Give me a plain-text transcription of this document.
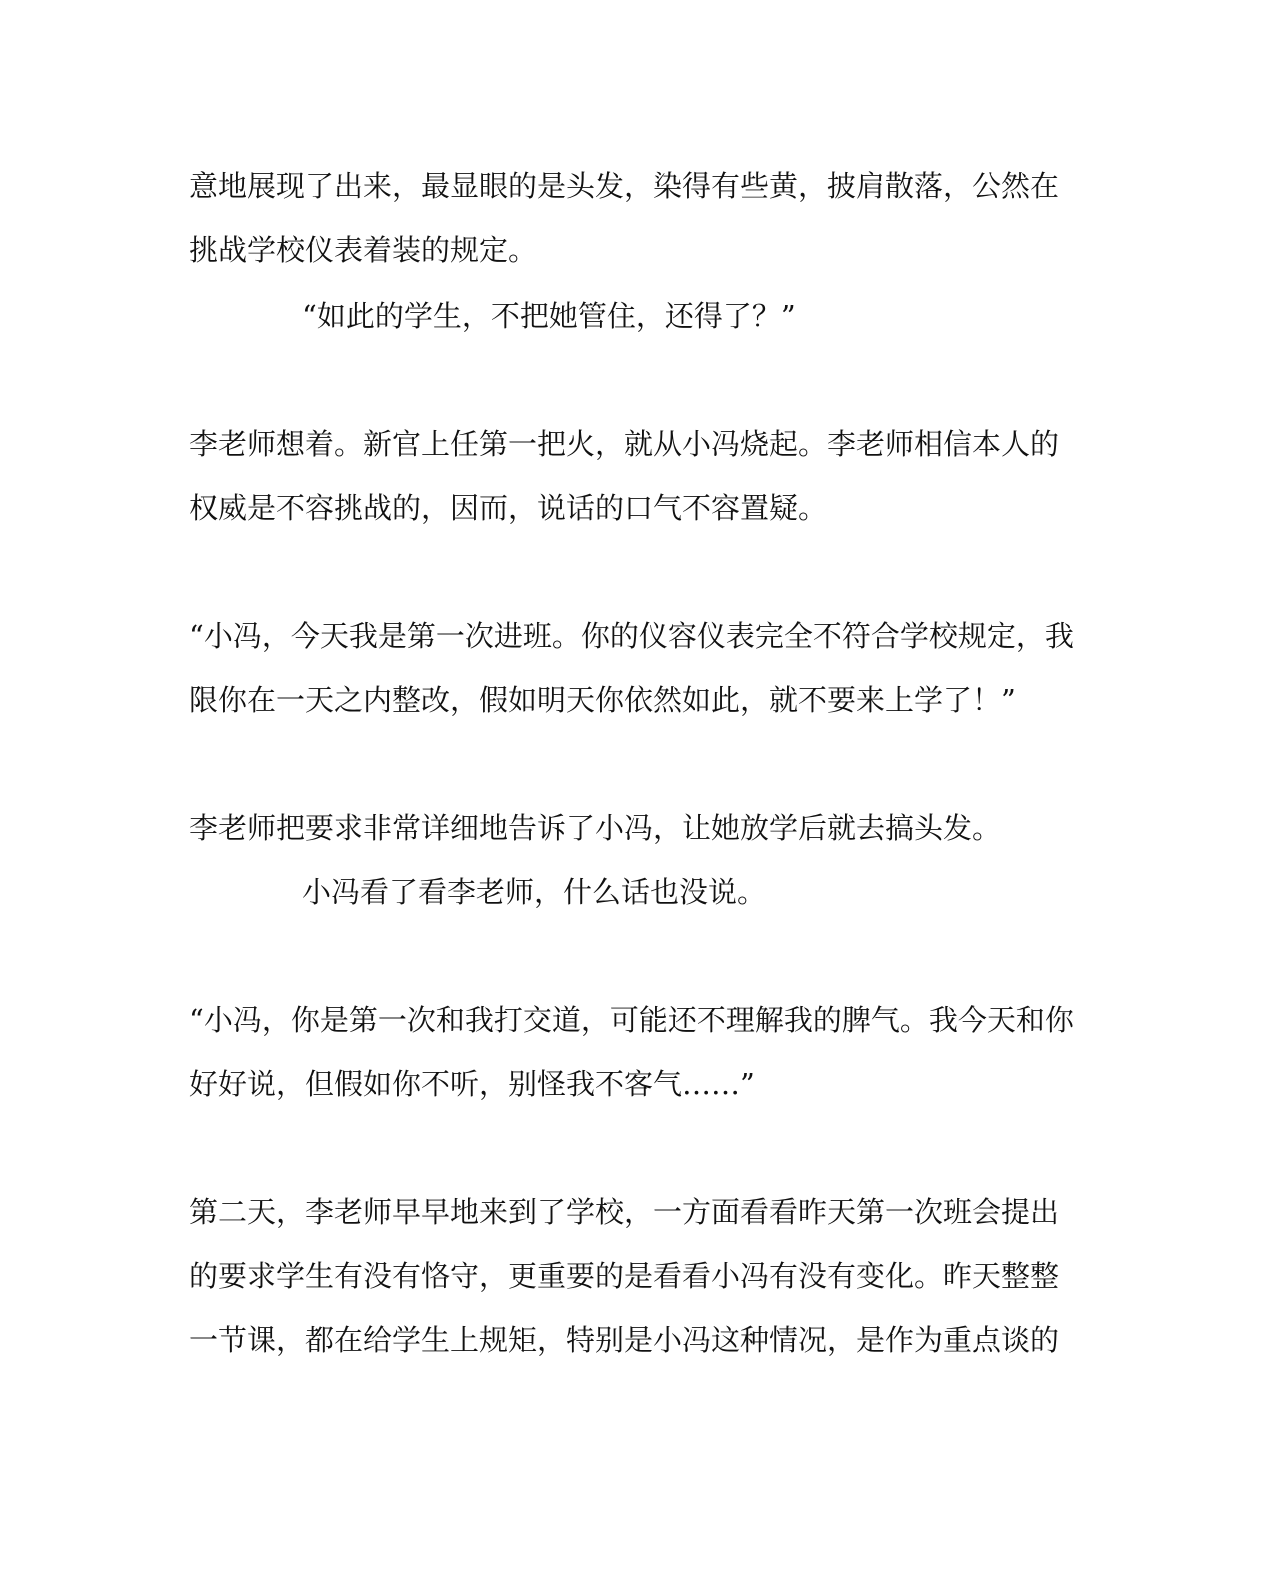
意地展现了出来，最显眼的是头发，染得有些黄，披肩散落，公然在
挑战学校仪表着装的规定。
“如此的学生，不把她管住，还得了？”
李老师想着。新官上任第一把火，就从小冯烧起。李老师相信本人的
权威是不容挑战的，因而，说话的口气不容置疑。
“小冯，今天我是第一次进班。你的仪容仪表完全不符合学校规定，我
限你在一天之内整改，假如明天你依然如此，就不要来上学了！”
李老师把要求非常详细地告诉了小冯，让她放学后就去搞头发。
小冯看了看李老师，什么话也没说。
“小冯，你是第一次和我打交道，可能还不理解我的脾气。我今天和你
好好说，但假如你不听，别怪我不客气……”
第二天，李老师早早地来到了学校，一方面看看昨天第一次班会提出
的要求学生有没有恪守，更重要的是看看小冯有没有变化。昨天整整
一节课，都在给学生上规矩，特别是小冯这种情况，是作为重点谈的
